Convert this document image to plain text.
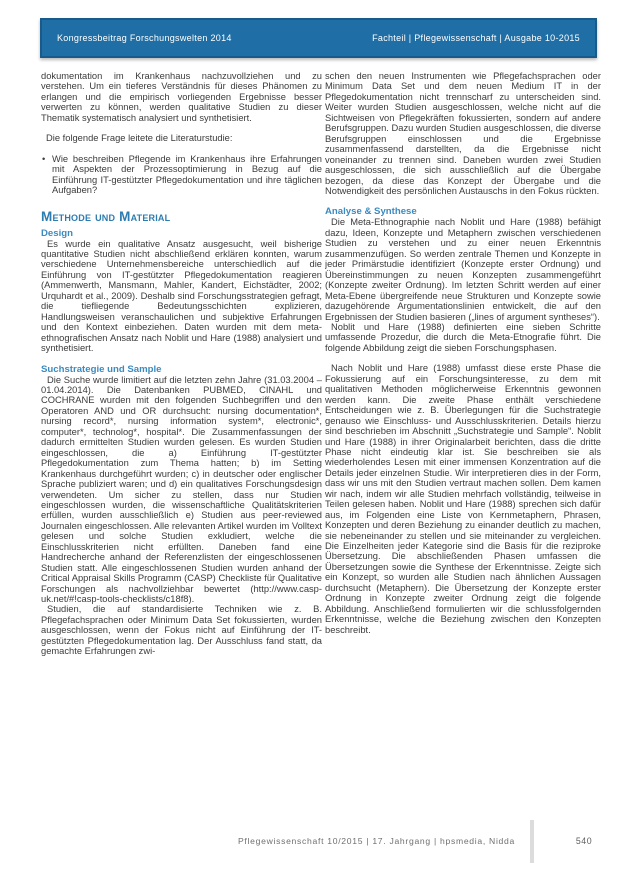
Kongressbeitrag Forschungswelten 2014	Fachteil | Pflegewissenschaft | Ausgabe 10-2015

dokumentation im Krankenhaus nachzuvollziehen und zu verstehen. Um ein tieferes Verständnis für dieses Phänomen zu erlangen und die empirisch vorliegenden Ergebnisse besser verwerten zu können, werden qualitative Studien zu dieser Thematik systematisch analysiert und synthetisiert.

Die folgende Frage leitete die Literaturstudie:

• Wie beschreiben Pflegende im Krankenhaus ihre Erfahrungen mit Aspekten der Prozessoptimierung in Bezug auf die Einführung IT-gestützter Pflegedokumentation und ihre täglichen Aufgaben?
Methode und Material
Design

Es wurde ein qualitative Ansatz ausgesucht, weil bisherige quantitative Studien nicht abschließend erklären konnten, warum verschiedene Unternehmensbereiche unterschiedlich auf die Einführung von IT-gestützter Pflegedokumentation reagieren (Ammenwerth, Mansmann, Mahler, Kandert, Eichstädter, 2002; Urquhardt et al., 2009). Deshalb sind Forschungsstrategien gefragt, die tiefliegende Bedeutungsschichten explizieren, Handlungsweisen veranschaulichen und subjektive Erfahrungen und den Kontext einbeziehen. Daten wurden mit dem meta-ethnografischen Ansatz nach Noblit und Hare (1988) analysiert und synthetisiert.

Suchstrategie und Sample

Die Suche wurde limitiert auf die letzten zehn Jahre (31.03.2004 – 01.04.2014). Die Datenbanken PUBMED, CINAHL und COCHRANE wurden mit den folgenden Suchbegriffen und den Operatoren AND und OR durchsucht: nursing documentation*, nursing record*, nursing information system*, electronic*, computer*, technolog*, hospital*. Die Zusammenfassungen der dadurch ermittelten Studien wurden gelesen. Es wurden Studien eingeschlossen, die a) Einführung IT-gestützter Pflegedokumentation zum Thema hatten; b) im Setting Krankenhaus durchgeführt wurden; c) in deutscher oder englischer Sprache publiziert waren; und d) ein qualitatives Forschungsdesign verwendeten. Um sicher zu stellen, dass nur Studien eingeschlossen wurden, die wissenschaftliche Qualitätskriterien erfüllen, wurden ausschließlich e) Studien aus peer-reviewed Journalen eingeschlossen. Alle relevanten Artikel wurden im Volltext gelesen und solche Studien exkludiert, welche die Einschlusskriterien nicht erfüllten. Daneben fand eine Handrecherche anhand der Referenzlisten der eingeschlossenen Studien statt. Alle eingeschlossenen Studien wurden anhand der Critical Appraisal Skills Programm (CASP) Checkliste für Qualitative Forschungen als nachvollziehbar bewertet (http://www.casp-uk.net/#!casp-tools-checklists/c18f8).

Studien, die auf standardisierte Techniken wie z. B. Pflegefachsprachen oder Minimum Data Set fokussierten, wurden ausgeschlossen, wenn der Fokus nicht auf Einführung der IT-gestützten Pflegedokumentation lag. Der Ausschluss fand statt, da gemachte Erfahrungen zwi-

schen den neuen Instrumenten wie Pflegefachsprachen oder Minimum Data Set und dem neuen Medium IT in der Pflegedokumentation nicht trennscharf zu unterscheiden sind. Weiter wurden Studien ausgeschlossen, welche nicht auf die Sichtweisen von Pflegekräften fokussierten, sondern auf andere Berufsgruppen. Dazu wurden Studien ausgeschlossen, die diverse Berufsgruppen einschlossen und die Ergebnisse zusammenfassend darstellten, da die Ergebnisse nicht voneinander zu trennen sind. Daneben wurden zwei Studien ausgeschlossen, die sich ausschließlich auf die Übergabe bezogen, da diese das Konzept der Übergabe und die Notwendigkeit des persönlichen Austauschs in den Fokus rückten.

Analyse & Synthese

Die Meta-Ethnographie nach Noblit und Hare (1988) befähigt dazu, Ideen, Konzepte und Metaphern zwischen verschiedenen Studien zu verstehen und zu einer neuen Erkenntnis zusammenzufügen. So werden zentrale Themen und Konzepte in jeder Primärstudie identifiziert (Konzepte erster Ordnung) und Übereinstimmungen zu neuen Konzepten zusammengeführt (Konzepte zweiter Ordnung). Im letzten Schritt werden auf einer Meta-Ebene übergreifende neue Strukturen und Konzepte sowie dazugehörende Argumentationslinien entwickelt, die auf den Ergebnissen der Studien basieren („lines of argument syntheses“).

Noblit und Hare (1988) definierten eine sieben Schritte umfassende Prozedur, die durch die Meta-Etnografie führt. Die folgende Abbildung zeigt die sieben Forschungsphasen.

Nach Noblit und Hare (1988) umfasst diese erste Phase die Fokussierung auf ein Forschungsinteresse, zu dem mit qualitativen Methoden möglicherweise Erkenntnis gewonnen werden kann. Die zweite Phase enthält verschiedene Entscheidungen wie z. B. Überlegungen für die Suchstrategie genauso wie Einschluss- und Ausschlusskriterien. Details hierzu sind beschrieben im Abschnitt „Suchstrategie und Sample“. Noblit und Hare (1988) in ihrer Originalarbeit berichten, dass die dritte Phase nicht eindeutig klar ist. Sie beschreiben sie als wiederholendes Lesen mit einer immensen Konzentration auf die Details jeder einzelnen Studie. Wir interpretieren dies in der Form, dass wir uns mit den Studien vertraut machen sollen. Dem kamen wir nach, indem wir alle Studien mehrfach vollständig, teilweise in Teilen gelesen haben. Noblit und Hare (1988) sprechen sich dafür aus, im Folgenden eine Liste von Kernmetaphern, Phrasen, Konzepten und deren Beziehung zu einander deutlich zu machen, sie nebeneinander zu stellen und sie miteinander zu vergleichen. Die Einzelheiten jeder Kategorie sind die Basis für die reziproke Übersetzung. Die abschließenden Phasen umfassen die Übersetzungen sowie die Synthese der Erkenntnisse. Zeigte sich ein Konzept, so wurden alle Studien nach ähnlichen Aussagen durchsucht (Metaphern). Die Übersetzung der Konzepte erster Ordnung in Konzepte zweiter Ordnung zeigt die folgende Abbildung. Anschließend formulierten wir die schlussfolgernden Erkenntnisse, welche die Beziehung zwischen den Konzepten beschreibt.

Pflegewissenschaft 10/2015 | 17. Jahrgang | hpsmedia, Nidda	540
